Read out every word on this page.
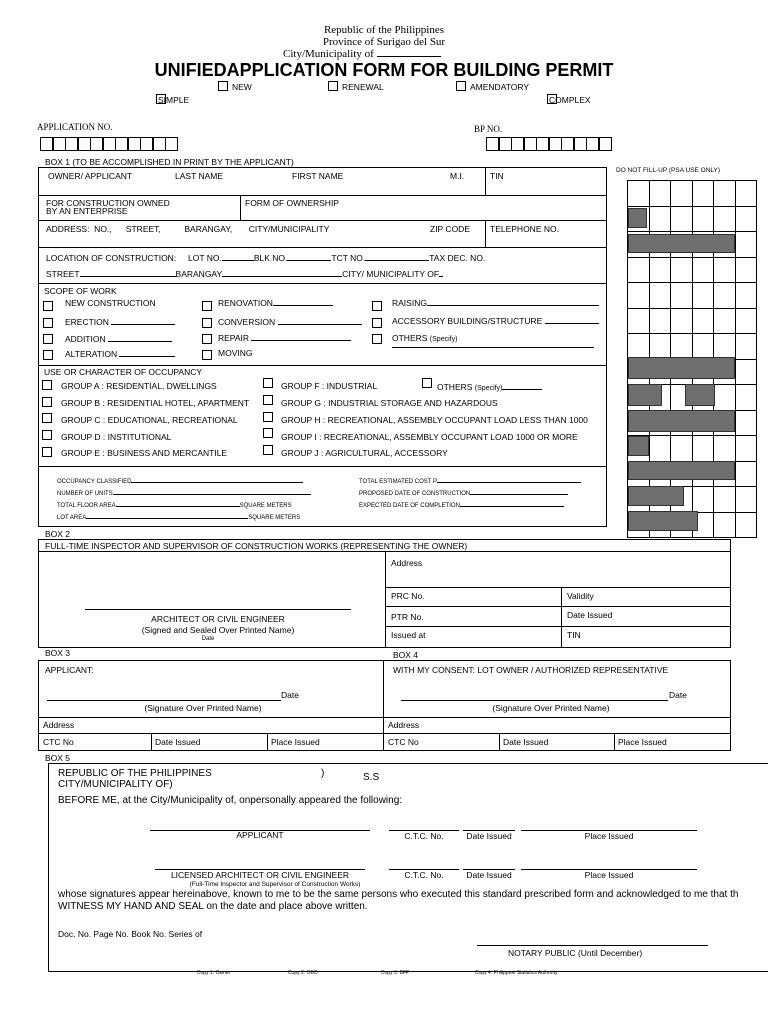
Republic of the Philippines
Province of Surigao del Sur
City/Municipality of
UNIFIEDAPPLICATION FORM FOR BUILDING PERMIT
NEW	RENEWAL	AMENDATORY
SIMPLE	COMPLEX
APPLICATION NO.	BP NO.
BOX 1 (TO BE ACCOMPLISHED IN PRINT BY THE APPLICANT)
OWNER/ APPLICANT	LAST NAME	FIRST NAME	M.I.	TIN
FOR CONSTRUCTION OWNED
BY AN ENTERPRISE
FORM OF OWNERSHIP
ADDRESS:  NO.,      STREET,          BARANGAY,       CITY/MUNICIPALITY	ZIP CODE TELEPHONE NO.
LOCATION OF CONSTRUCTION: LOT NO.	BLK NO.	TCT NO.	TAX DEC. NO.
STREET	BARANGAY	CITY/ MUNICIPALITY OF
SCOPE OF WORK
NEW CONSTRUCTION
ERECTION
ADDITION
ALTERATION
RENOVATION
CONVERSION
REPAIR
MOVING
RAISING
ACCESSORY BUILDING/STRUCTURE
OTHERS (Specify)
USE OR CHARACTER OF OCCUPANCY
GROUP A : RESIDENTIAL, DWELLINGS
GROUP B : RESIDENTIAL HOTEL, APARTMENT
GROUP C : EDUCATIONAL, RECREATIONAL
GROUP D : INSTITUTIONAL
GROUP E : BUSINESS AND MERCANTILE
GROUP F : INDUSTRIAL
GROUP G : INDUSTRIAL STORAGE AND HAZARDOUS
GROUP H : RECREATIONAL, ASSEMBLY OCCUPANT LOAD LESS THAN 1000
GROUP I : RECREATIONAL, ASSEMBLY OCCUPANT LOAD 1000 OR MORE
GROUP J : AGRICULTURAL, ACCESSORY
OTHERS (Specify)
OCCUPANCY CLASSIFIED
NUMBER OF UNITS
TOTAL FLOOR AREA	SQUARE METERS
LOT AREA	SQUARE METERS
TOTAL ESTIMATED COST P
PROPOSED DATE OF CONSTRUCTION
EXPECTED DATE OF COMPLETION
DO NOT FILL-UP (PSA USE ONLY)
BOX 2
FULL-TIME INSPECTOR AND SUPERVISOR OF CONSTRUCTION WORKS (REPRESENTING THE OWNER)
Address
PRC No.	Validity
PTR No.	Date Issued
Issued at	TIN
ARCHITECT OR CIVIL ENGINEER
(Signed and Sealed Over Printed Name)
Date
BOX 3	BOX 4
APPLICANT:
Date
(Signature Over Printed Name)
Address
CTC No	Date Issued	Place Issued
WITH MY CONSENT: LOT OWNER / AUTHORIZED REPRESENTATIVE
Date
(Signature Over Printed Name)
Address
CTC No	Date Issued	Place Issued
BOX 5
REPUBLIC OF THE PHILIPPINES	)	S.S
CITY/MUNICIPALITY OF)
BEFORE ME, at the City/Municipality of, onpersonally appeared the following:
APPLICANT	C.T.C. No.	Date Issued	Place Issued
LICENSED ARCHITECT OR CIVIL ENGINEER	C.T.C. No.	Date Issued	Place Issued
(Full-Time Inspector and Supervisor of Construction Works)
whose signatures appear hereinabove, known to me to be the same persons who executed this standard prescribed form and acknowledged to me that th
WITNESS MY HAND AND SEAL on the date and place above written.
Doc. No. Page No. Book No. Series of
NOTARY PUBLIC (Until December)
Copy 1: Owner	Copy 2: OBO	Copy 3: BFP	Copy 4: Philippine Statistics Authority
